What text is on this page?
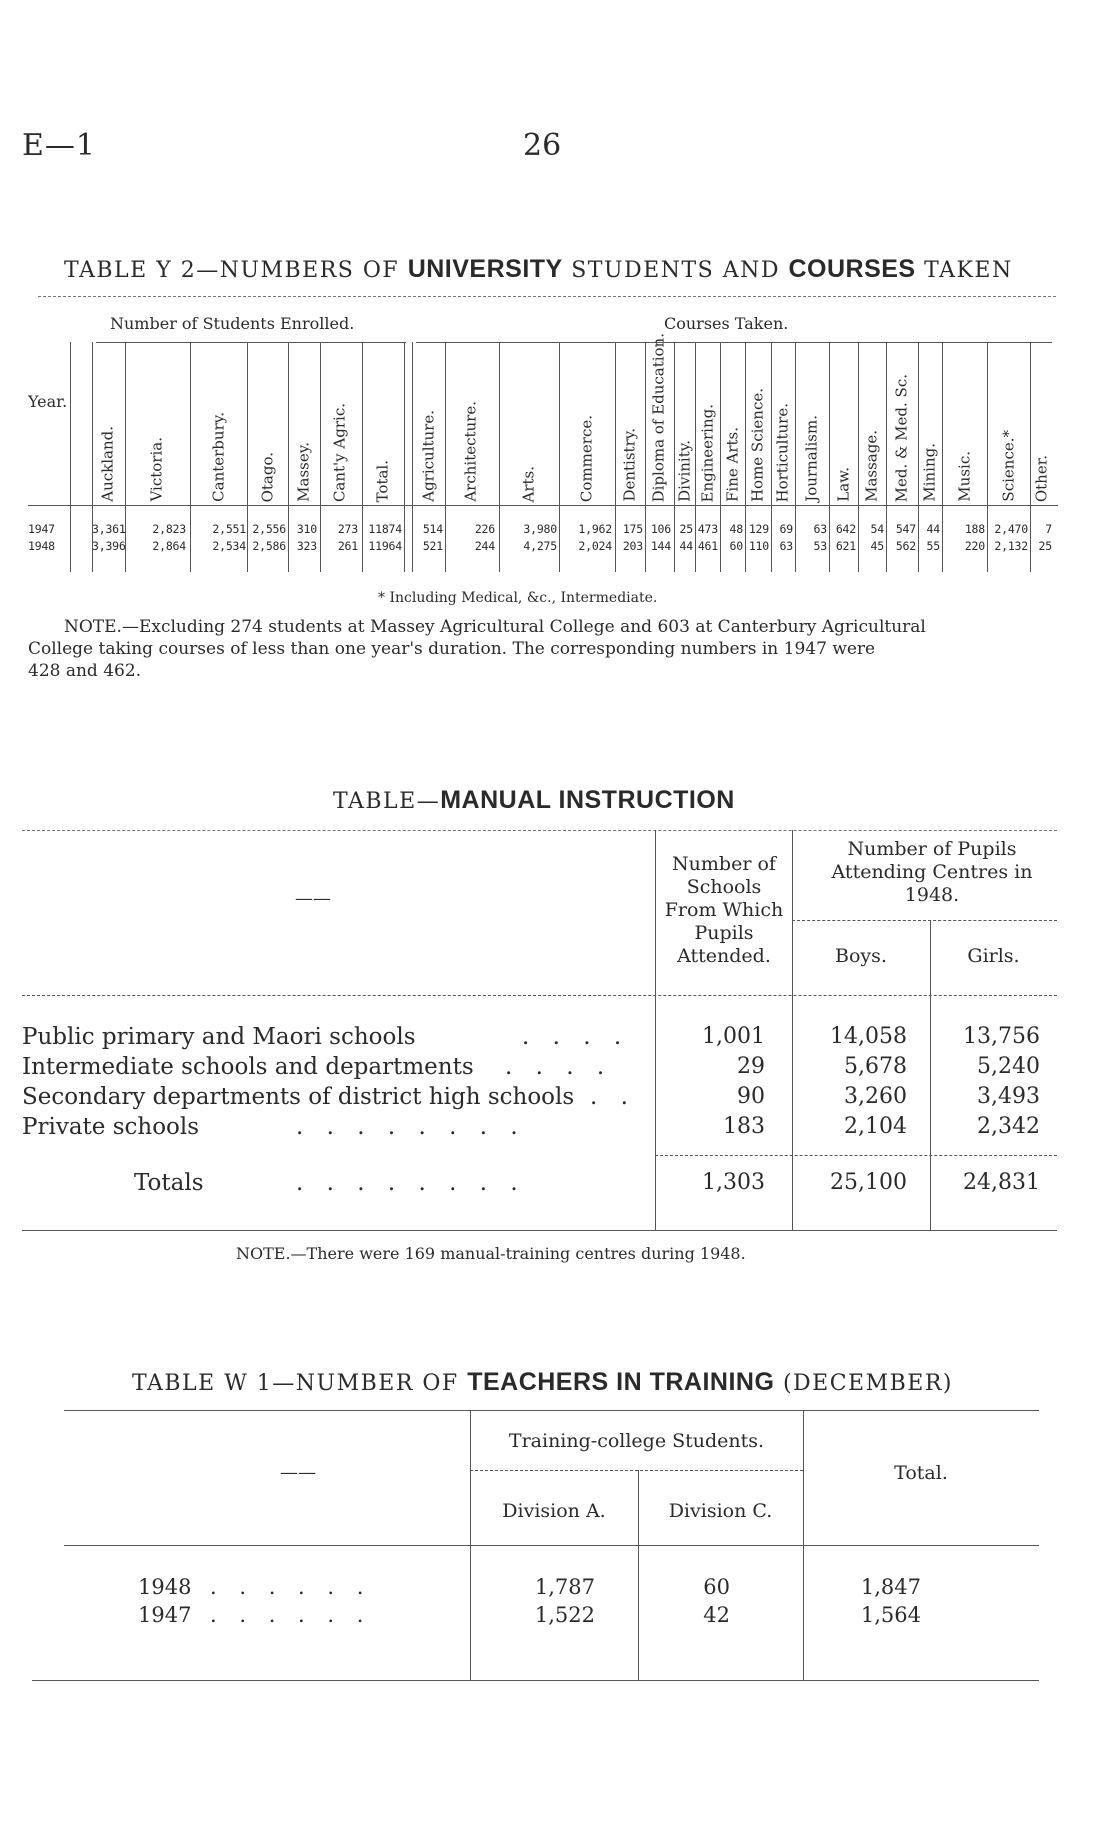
E—1	26
TABLE Y 2—NUMBERS OF UNIVERSITY STUDENTS AND COURSES TAKEN
Number of Students Enrolled.	Courses Taken.
Year.
Auckland. Victoria.	Canterbury. Otago. Massey. Cant'y Agric. Total. Agriculture. Architecture.	Arts.	Commerce. Dentistry. Diploma of Education. Divinity. Engineering. Fine Arts. Home Science. Horticulture. Journalism. Law. Massage. Med. & Med. Sc. Mining. Music. Science.* Other.
1947	3,361	2,823	2,551 2,556 310	273 11874	514	226	3,980	1,962 175 106 25 473	48 129 69	63 642	54	547 44	188 2,470	7
1948	3,396	2,864	2,534 2,586 323	261 11964	521	244	4,275	2,024 203 144 44 461	60 110 63	53 621	45	562 55	220 2,132 25
* Including Medical, &c., Intermediate.
NOTE.—Excluding 274 students at Massey Agricultural College and 603 at Canterbury Agricultural
College taking courses of less than one year's duration. The corresponding numbers in 1947 were
428 and 462.
TABLE—MANUAL INSTRUCTION
——
Number of Schools From Which Pupils Attended.
Number of Pupils Attending Centres in 1948.
Boys.	Girls.
Public primary and Maori schools	. . . .	1,001	14,058	13,756
Intermediate schools and departments . . . .	29	5,678	5,240
Secondary departments of district high schools . .	90	3,260	3,493
Private schools	. . . . . . . .	183	2,104	2,342
Totals	. . . . . . . .	1,303	25,100	24,831
NOTE.—There were 169 manual-training centres during 1948.
TABLE W 1—NUMBER OF TEACHERS IN TRAINING (DECEMBER)
——
Training-college Students.
Division A.	Division C.
Total.
1948 . . . . . .	1,787	60	1,847
1947 . . . . . .	1,522	42	1,564
